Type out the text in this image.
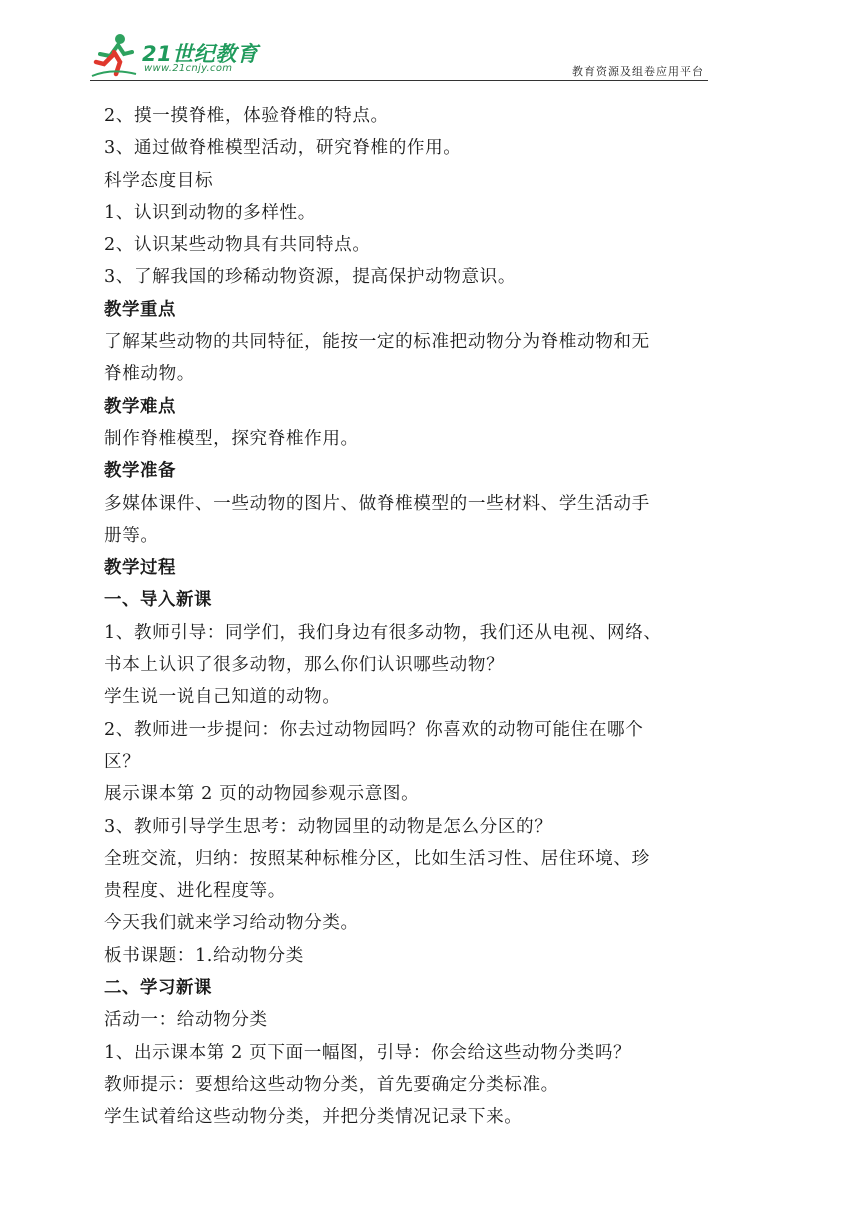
21世纪教育
www.21cnjy.com	教育资源及组卷应用平台
2、摸一摸脊椎，体验脊椎的特点。
3、通过做脊椎模型活动，研究脊椎的作用。
科学态度目标
1、认识到动物的多样性。
2、认识某些动物具有共同特点。
3、了解我国的珍稀动物资源，提高保护动物意识。
教学重点
了解某些动物的共同特征，能按一定的标准把动物分为脊椎动物和无
脊椎动物。
教学难点
制作脊椎模型，探究脊椎作用。
教学准备
多媒体课件、一些动物的图片、做脊椎模型的一些材料、学生活动手
册等。
教学过程
一、导入新课
1、教师引导：同学们，我们身边有很多动物，我们还从电视、网络、
书本上认识了很多动物，那么你们认识哪些动物？
学生说一说自己知道的动物。
2、教师进一步提问：你去过动物园吗？你喜欢的动物可能住在哪个
区？
展示课本第 2 页的动物园参观示意图。
3、教师引导学生思考：动物园里的动物是怎么分区的？
全班交流，归纳：按照某种标椎分区，比如生活习性、居住环境、珍
贵程度、进化程度等。
今天我们就来学习给动物分类。
板书课题：1.给动物分类
二、学习新课
活动一：给动物分类
1、出示课本第 2 页下面一幅图，引导：你会给这些动物分类吗？
教师提示：要想给这些动物分类，首先要确定分类标准。
学生试着给这些动物分类，并把分类情况记录下来。
